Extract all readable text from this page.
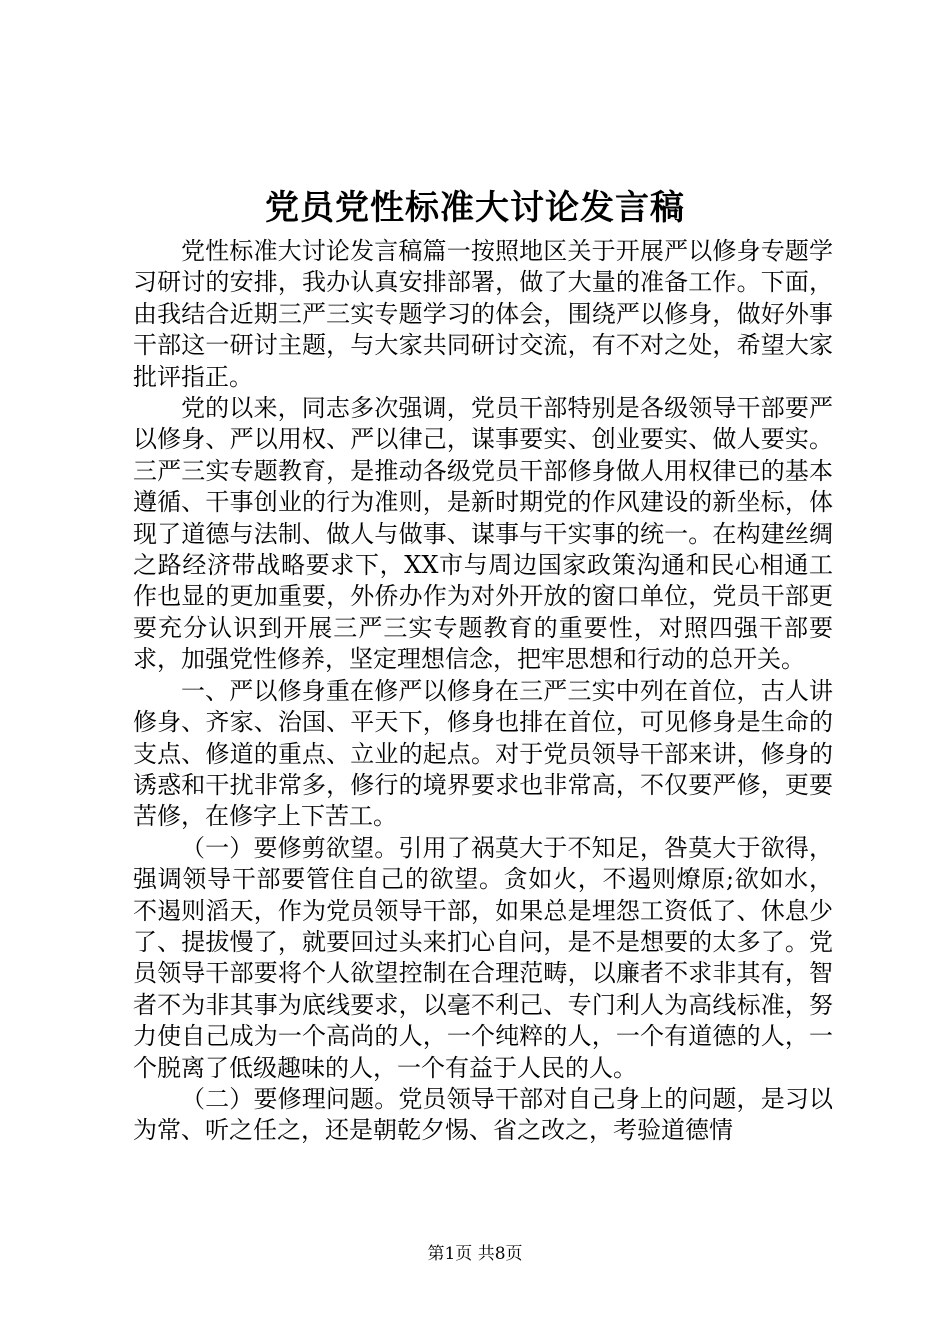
党员党性标准大讨论发言稿

党性标准大讨论发言稿篇一按照地区关于开展严以修身专题学习研讨的安排，我办认真安排部署，做了大量的准备工作。下面，由我结合近期三严三实专题学习的体会，围绕严以修身，做好外事干部这一研讨主题，与大家共同研讨交流，有不对之处，希望大家批评指正。

党的以来，同志多次强调，党员干部特别是各级领导干部要严以修身、严以用权、严以律己，谋事要实、创业要实、做人要实。三严三实专题教育，是推动各级党员干部修身做人用权律已的基本遵循、干事创业的行为准则，是新时期党的作风建设的新坐标，体现了道德与法制、做人与做事、谋事与干实事的统一。在构建丝绸之路经济带战略要求下，XX市与周边国家政策沟通和民心相通工作也显的更加重要，外侨办作为对外开放的窗口单位，党员干部更要充分认识到开展三严三实专题教育的重要性，对照四强干部要求，加强党性修养，坚定理想信念，把牢思想和行动的总开关。

一、严以修身重在修严以修身在三严三实中列在首位，古人讲修身、齐家、治国、平天下，修身也排在首位，可见修身是生命的支点、修道的重点、立业的起点。对于党员领导干部来讲，修身的诱惑和干扰非常多，修行的境界要求也非常高，不仅要严修，更要苦修，在修字上下苦工。

（一）要修剪欲望。引用了祸莫大于不知足，咎莫大于欲得，强调领导干部要管住自己的欲望。贪如火，不遏则燎原;欲如水，不遏则滔天，作为党员领导干部，如果总是埋怨工资低了、休息少了、提拔慢了，就要回过头来扪心自问，是不是想要的太多了。党员领导干部要将个人欲望控制在合理范畴，以廉者不求非其有，智者不为非其事为底线要求，以毫不利己、专门利人为高线标准，努力使自己成为一个高尚的人，一个纯粹的人，一个有道德的人，一个脱离了低级趣味的人，一个有益于人民的人。

（二）要修理问题。党员领导干部对自己身上的问题，是习以为常、听之任之，还是朝乾夕惕、省之改之，考验道德情

第1页 共8页
